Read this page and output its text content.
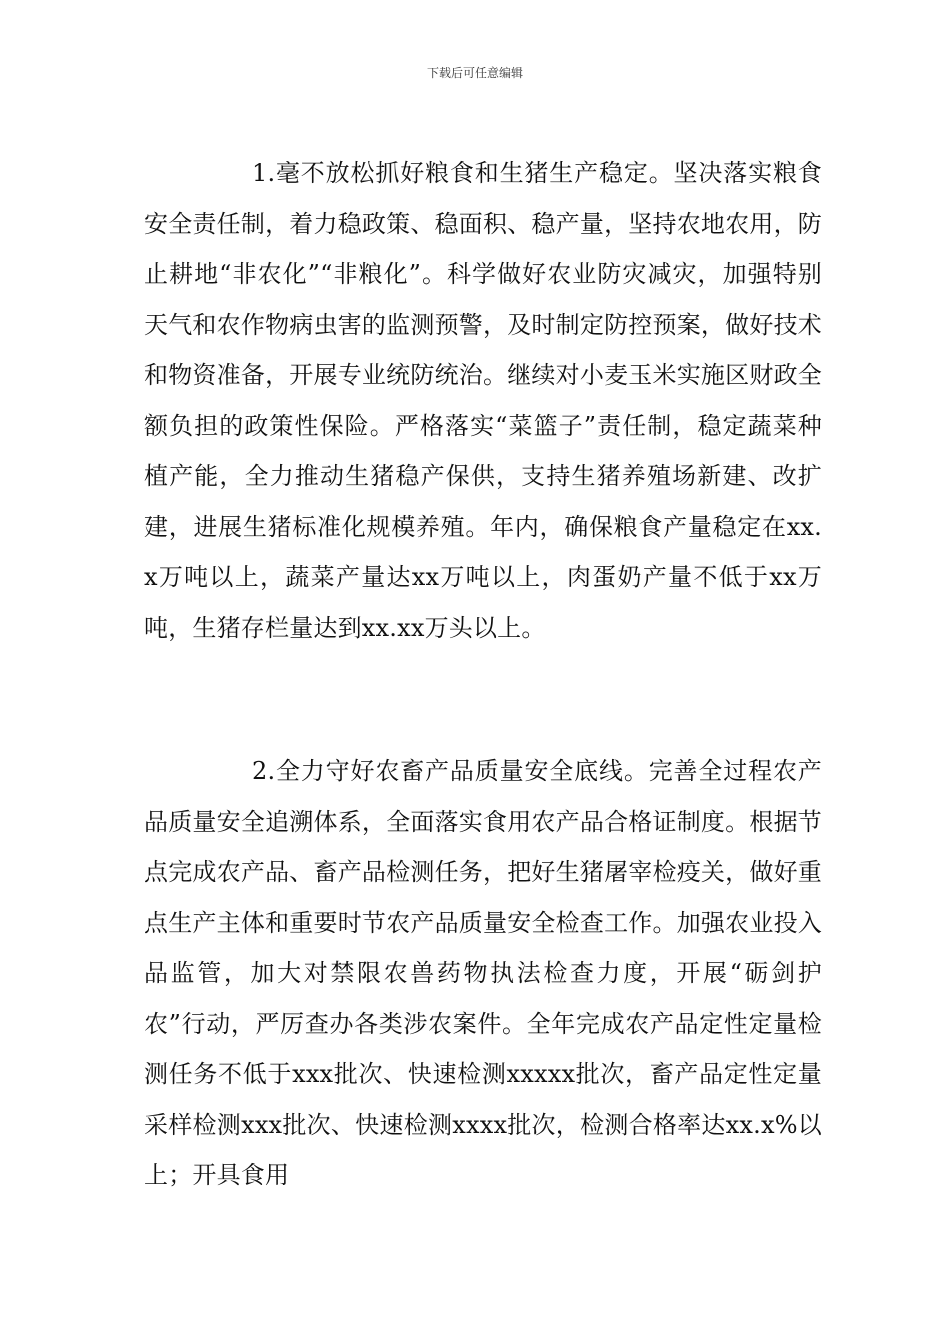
下载后可任意编辑

1.毫不放松抓好粮食和生猪生产稳定。坚决落实粮食安全责任制，着力稳政策、稳面积、稳产量，坚持农地农用，防止耕地“非农化”“非粮化”。科学做好农业防灾减灾，加强特别天气和农作物病虫害的监测预警，及时制定防控预案，做好技术和物资准备，开展专业统防统治。继续对小麦玉米实施区财政全额负担的政策性保险。严格落实“菜篮子”责任制，稳定蔬菜种植产能，全力推动生猪稳产保供，支持生猪养殖场新建、改扩建，进展生猪标准化规模养殖。年内，确保粮食产量稳定在xx.x万吨以上，蔬菜产量达xx万吨以上，肉蛋奶产量不低于xx万吨，生猪存栏量达到xx.xx万头以上。

2.全力守好农畜产品质量安全底线。完善全过程农产品质量安全追溯体系，全面落实食用农产品合格证制度。根据节点完成农产品、畜产品检测任务，把好生猪屠宰检疫关，做好重点生产主体和重要时节农产品质量安全检查工作。加强农业投入品监管，加大对禁限农兽药物执法检查力度，开展“砺剑护农”行动，严厉查办各类涉农案件。全年完成农产品定性定量检测任务不低于xxx批次、快速检测xxxxx批次，畜产品定性定量采样检测xxx批次、快速检测xxxx批次，检测合格率达xx.x%以上；开具食用
